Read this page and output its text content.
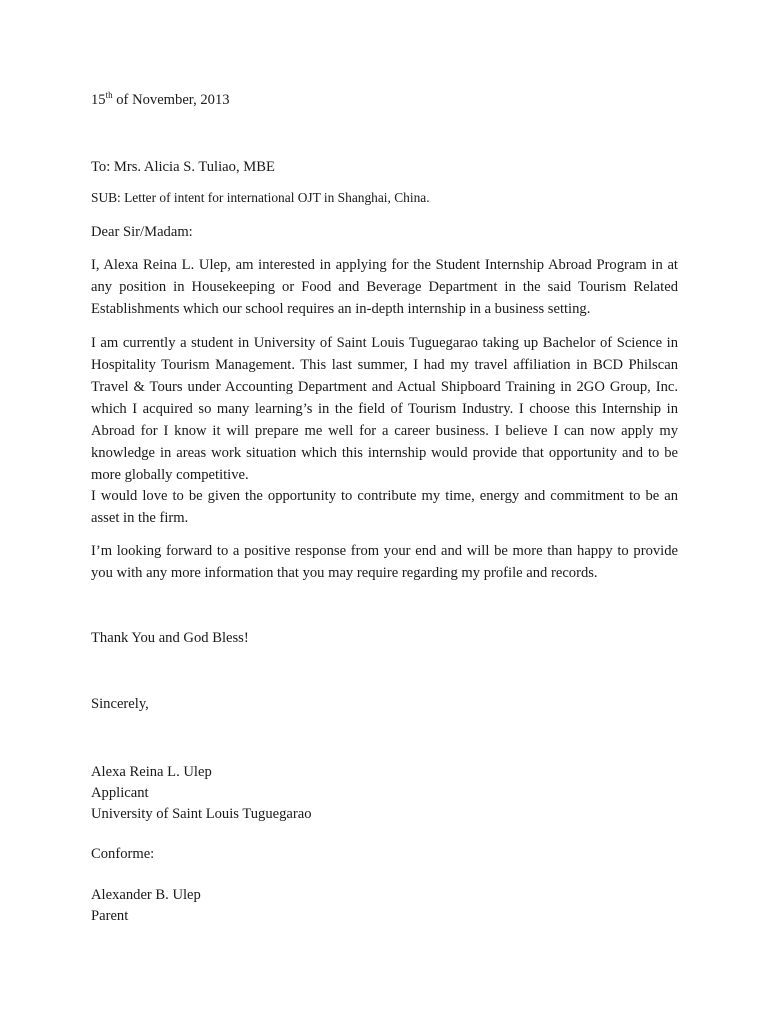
15th of November, 2013
To: Mrs. Alicia S. Tuliao, MBE
SUB: Letter of intent for international OJT in Shanghai, China.
Dear Sir/Madam:
I, Alexa Reina L. Ulep, am interested in applying for the Student Internship Abroad Program in at any position in Housekeeping or Food and Beverage Department in the said Tourism Related Establishments which our school requires an in-depth internship in a business setting.
I am currently a student in University of Saint Louis Tuguegarao taking up Bachelor of Science in Hospitality Tourism Management. This last summer, I had my travel affiliation in BCD Philscan Travel & Tours under Accounting Department and Actual Shipboard Training in 2GO Group, Inc. which I acquired so many learning’s in the field of Tourism Industry. I choose this Internship in Abroad for I know it will prepare me well for a career business. I believe I can now apply my knowledge in areas work situation which this internship would provide that opportunity and to be more globally competitive.
I would love to be given the opportunity to contribute my time, energy and commitment to be an asset in the firm.
I’m looking forward to a positive response from your end and will be more than happy to provide you with any more information that you may require regarding my profile and records.
Thank You and God Bless!
Sincerely,
Alexa Reina L. Ulep
Applicant
University of Saint Louis Tuguegarao
Conforme:
Alexander B. Ulep
Parent
